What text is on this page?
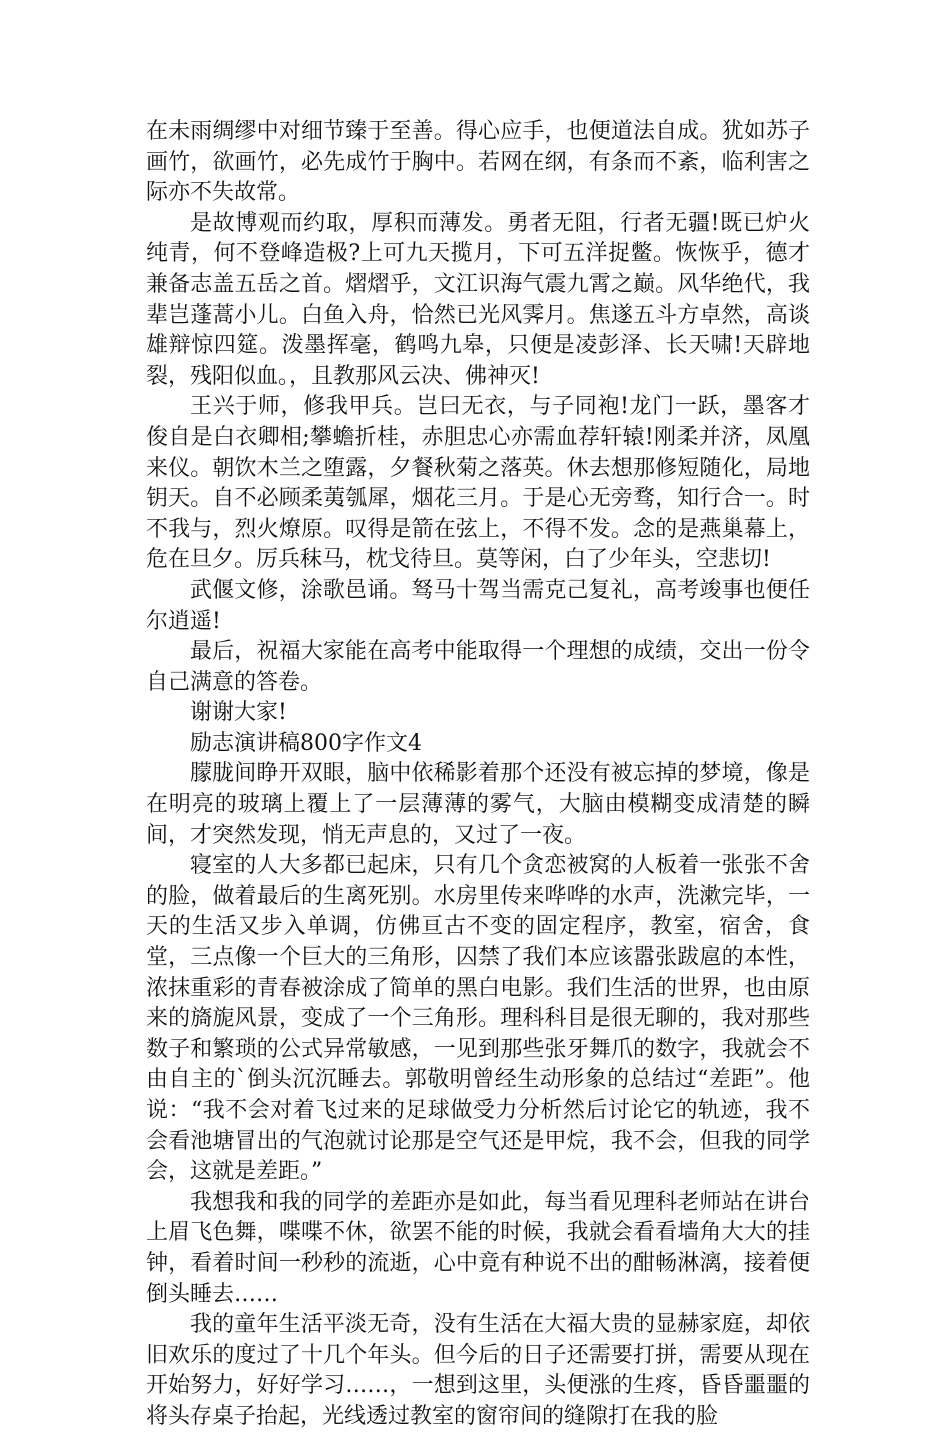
在未雨绸缪中对细节臻于至善。得心应手，也便道法自成。犹如苏子画竹，欲画竹，必先成竹于胸中。若网在纲，有条而不紊，临利害之际亦不失故常。

是故博观而约取，厚积而薄发。勇者无阻，行者无疆!既已炉火纯青，何不登峰造极?上可九天揽月，下可五洋捉鳖。恢恢乎，德才兼备志盖五岳之首。熠熠乎，文江识海气震九霄之巅。风华绝代，我辈岂蓬蒿小儿。白鱼入舟，恰然已光风霁月。焦遂五斗方卓然，高谈雄辩惊四筵。泼墨挥毫，鹤鸣九皋，只便是凌彭泽、长天啸!天辟地裂，残阳似血。，且教那风云决、佛神灭!

王兴于师，修我甲兵。岂曰无衣，与子同袍!龙门一跃，墨客才俊自是白衣卿相;攀蟾折桂，赤胆忠心亦需血荐轩辕!刚柔并济，凤凰来仪。朝饮木兰之堕露，夕餐秋菊之落英。休去想那修短随化，局地钥天。自不必顾柔荑瓠犀，烟花三月。于是心无旁骛，知行合一。时不我与，烈火燎原。叹得是箭在弦上，不得不发。念的是燕巢幕上，危在旦夕。厉兵秣马，枕戈待旦。莫等闲，白了少年头，空悲切!

武偃文修，涂歌邑诵。驽马十驾当需克己复礼，高考竣事也便任尔逍遥!

最后，祝福大家能在高考中能取得一个理想的成绩，交出一份令自己满意的答卷。

谢谢大家!

励志演讲稿800字作文4

朦胧间睁开双眼，脑中依稀影着那个还没有被忘掉的梦境，像是在明亮的玻璃上覆上了一层薄薄的雾气，大脑由模糊变成清楚的瞬间，才突然发现，悄无声息的，又过了一夜。

寝室的人大多都已起床，只有几个贪恋被窝的人板着一张张不舍的脸，做着最后的生离死别。水房里传来哗哗的水声，洗漱完毕，一天的生活又步入单调，仿佛亘古不变的固定程序，教室，宿舍，食堂，三点像一个巨大的三角形，囚禁了我们本应该嚣张跋扈的本性，浓抹重彩的青春被涂成了简单的黑白电影。我们生活的世界，也由原来的旖旎风景，变成了一个三角形。理科科目是很无聊的，我对那些数子和繁琐的公式异常敏感，一见到那些张牙舞爪的数字，我就会不由自主的`倒头沉沉睡去。郭敬明曾经生动形象的总结过“差距”。他说：“我不会对着飞过来的足球做受力分析然后讨论它的轨迹，我不会看池塘冒出的气泡就讨论那是空气还是甲烷，我不会，但我的同学会，这就是差距。”

我想我和我的同学的差距亦是如此，每当看见理科老师站在讲台上眉飞色舞，喋喋不休，欲罢不能的时候，我就会看看墙角大大的挂钟，看着时间一秒秒的流逝，心中竟有种说不出的酣畅淋漓，接着便倒头睡去……

我的童年生活平淡无奇，没有生活在大福大贵的显赫家庭，却依旧欢乐的度过了十几个年头。但今后的日子还需要打拼，需要从现在开始努力，好好学习……，一想到这里，头便涨的生疼，昏昏噩噩的将头存桌子抬起，光线透过教室的窗帘间的缝隙打在我的脸
